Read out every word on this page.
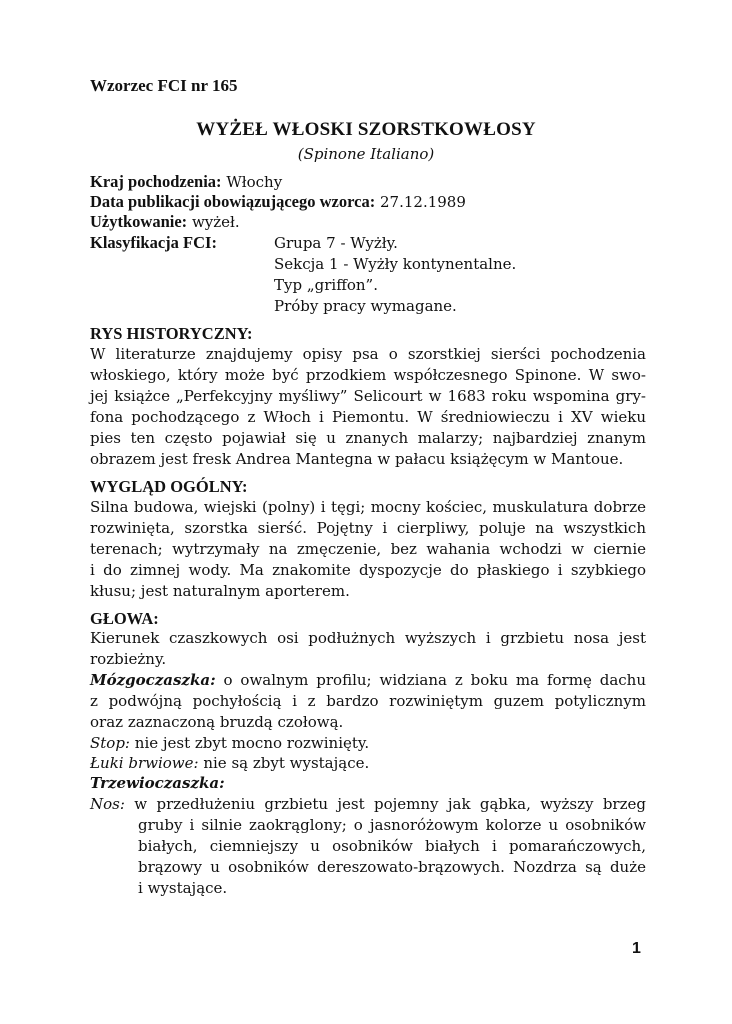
Wzorzec FCI nr 165
WYŻEŁ WŁOSKI SZORSTKOWŁOSY
(Spinone Italiano)
Kraj pochodzenia: Włochy
Data publikacji obowiązującego wzorca: 27.12.1989
Użytkowanie: wyżeł.
Klasyfikacja FCI:	Grupa 7 - Wyżły.
Sekcja 1 - Wyżły kontynentalne.
Typ „griffon”.
Próby pracy wymagane.
RYS HISTORYCZNY:
W literaturze znajdujemy opisy psa o szorstkiej sierści pochodzenia
włoskiego, który może być przodkiem współczesnego Spinone. W swo-
jej książce „Perfekcyjny myśliwy” Selicourt w 1683 roku wspomina gry-
fona pochodzącego z Włoch i Piemontu. W średniowieczu i XV wieku
pies ten często pojawiał się u znanych malarzy; najbardziej znanym
obrazem jest fresk Andrea Mantegna w pałacu książęcym w Mantoue.
WYGLĄD OGÓLNY:
Silna budowa, wiejski (polny) i tęgi; mocny kościec, muskulatura dobrze
rozwinięta, szorstka sierść. Pojętny i cierpliwy, poluje na wszystkich
terenach; wytrzymały na zmęczenie, bez wahania wchodzi w ciernie
i do zimnej wody. Ma znakomite dyspozycje do płaskiego i szybkiego
kłusu; jest naturalnym aporterem.
GŁOWA:
Kierunek czaszkowych osi podłużnych wyższych i grzbietu nosa jest
rozbieżny.
Mózgoczaszka: o owalnym profilu; widziana z boku ma formę dachu
z podwójną pochyłością i z bardzo rozwiniętym guzem potylicznym
oraz zaznaczoną bruzdą czołową.
Stop: nie jest zbyt mocno rozwinięty.
Łuki brwiowe: nie są zbyt wystające.
Trzewioczaszka:
Nos: w przedłużeniu grzbietu jest pojemny jak gąbka, wyższy brzeg
gruby i silnie zaokrąglony; o jasnoróżowym kolorze u osobników
białych, ciemniejszy u osobników białych i pomarańczowych,
brązowy u osobników dereszowato-brązowych. Nozdrza są duże
i wystające.
1
